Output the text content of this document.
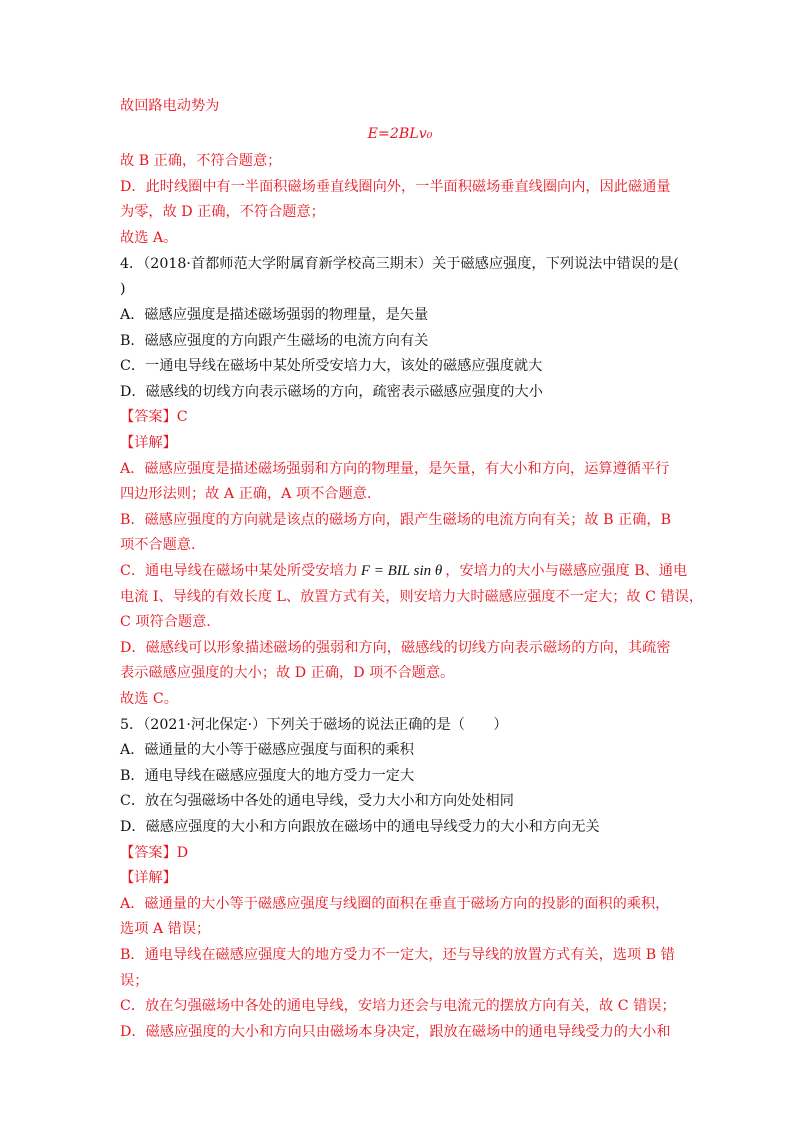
故回路电动势为
E=2BLv₀
故 B 正确，不符合题意；
D．此时线圈中有一半面积磁场垂直线圈向外，一半面积磁场垂直线圈向内，因此磁通量
为零，故 D 正确，不符合题意；
故选 A。
4．（2018·首都师范大学附属育新学校高三期末）关于磁感应强度，下列说法中错误的是(
)
A．磁感应强度是描述磁场强弱的物理量，是矢量
B．磁感应强度的方向跟产生磁场的电流方向有关
C．一通电导线在磁场中某处所受安培力大，该处的磁感应强度就大
D．磁感线的切线方向表示磁场的方向，疏密表示磁感应强度的大小
【答案】C
【详解】
A．磁感应强度是描述磁场强弱和方向的物理量，是矢量，有大小和方向，运算遵循平行
四边形法则；故 A 正确，A 项不合题意.
B．磁感应强度的方向就是该点的磁场方向，跟产生磁场的电流方向有关；故 B 正确，B
项不合题意.
C．通电导线在磁场中某处所受安培力 F = BIL sin θ ，安培力的大小与磁感应强度 B、通电
电流 I、导线的有效长度 L、放置方式有关，则安培力大时磁感应强度不一定大；故 C 错误，
C 项符合题意.
D．磁感线可以形象描述磁场的强弱和方向，磁感线的切线方向表示磁场的方向，其疏密
表示磁感应强度的大小；故 D 正确，D 项不合题意。
故选 C。
5．（2021·河北保定·）下列关于磁场的说法正确的是（　　）
A．磁通量的大小等于磁感应强度与面积的乘积
B．通电导线在磁感应强度大的地方受力一定大
C．放在匀强磁场中各处的通电导线，受力大小和方向处处相同
D．磁感应强度的大小和方向跟放在磁场中的通电导线受力的大小和方向无关
【答案】D
【详解】
A．磁通量的大小等于磁感应强度与线圈的面积在垂直于磁场方向的投影的面积的乘积，
选项 A 错误；
B．通电导线在磁感应强度大的地方受力不一定大，还与导线的放置方式有关，选项 B 错
误；
C．放在匀强磁场中各处的通电导线，安培力还会与电流元的摆放方向有关，故 C 错误；
D．磁感应强度的大小和方向只由磁场本身决定，跟放在磁场中的通电导线受力的大小和
